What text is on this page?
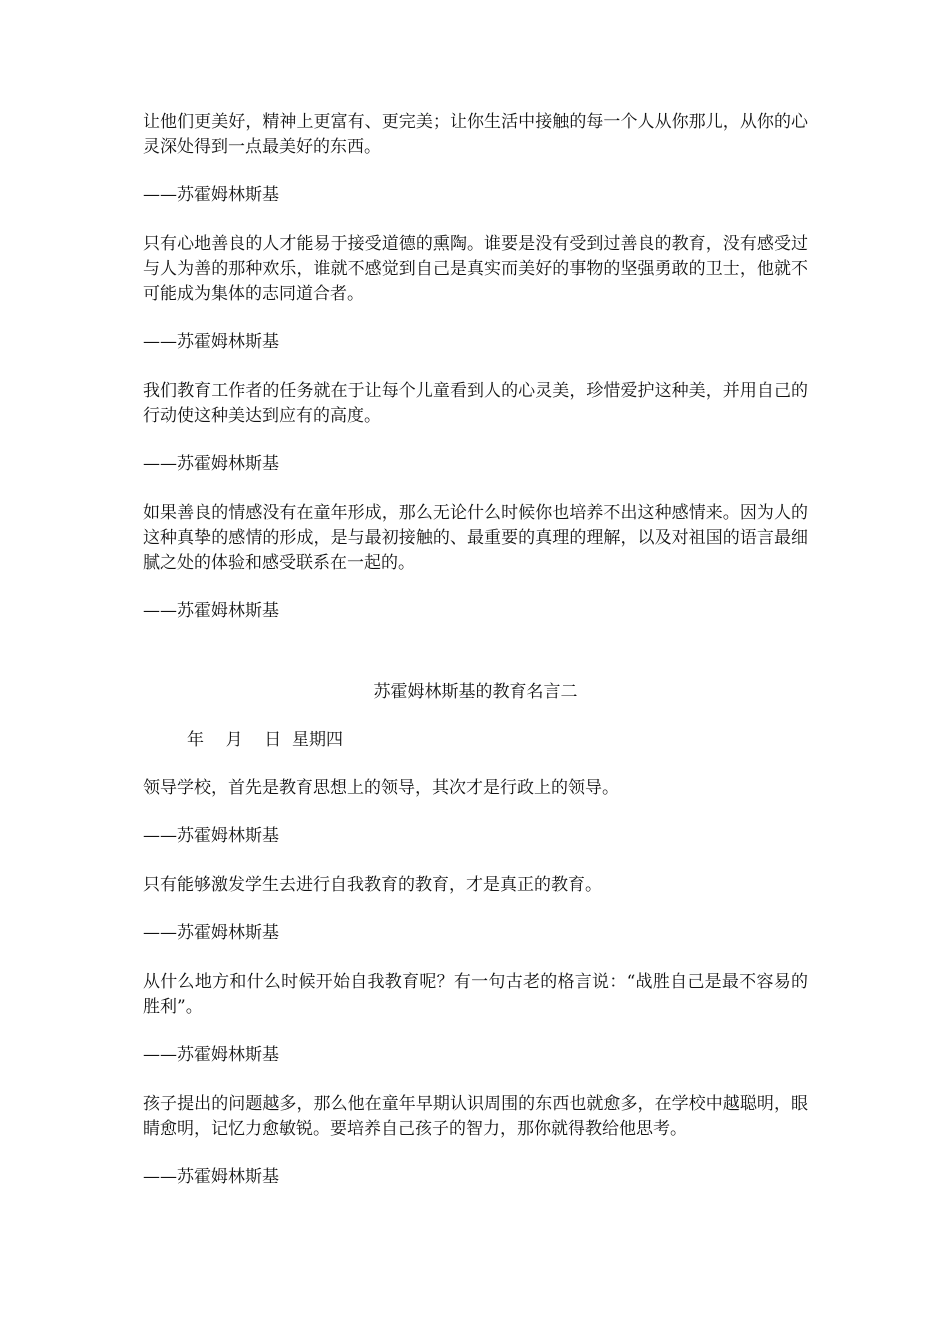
让他们更美好，精神上更富有、更完美；让你生活中接触的每一个人从你那儿，从你的心灵深处得到一点最美好的东西。

——苏霍姆林斯基

只有心地善良的人才能易于接受道德的熏陶。谁要是没有受到过善良的教育，没有感受过与人为善的那种欢乐，谁就不感觉到自己是真实而美好的事物的坚强勇敢的卫士，他就不可能成为集体的志同道合者。

——苏霍姆林斯基

我们教育工作者的任务就在于让每个儿童看到人的心灵美，珍惜爱护这种美，并用自己的行动使这种美达到应有的高度。

——苏霍姆林斯基

如果善良的情感没有在童年形成，那么无论什么时候你也培养不出这种感情来。因为人的这种真挚的感情的形成，是与最初接触的、最重要的真理的理解，以及对祖国的语言最细腻之处的体验和感受联系在一起的。

——苏霍姆林斯基

苏霍姆林斯基的教育名言二

年    月    日  星期四

领导学校，首先是教育思想上的领导，其次才是行政上的领导。

——苏霍姆林斯基

只有能够激发学生去进行自我教育的教育，才是真正的教育。

——苏霍姆林斯基

从什么地方和什么时候开始自我教育呢？有一句古老的格言说：“战胜自己是最不容易的胜利”。

——苏霍姆林斯基

孩子提出的问题越多，那么他在童年早期认识周围的东西也就愈多，在学校中越聪明，眼睛愈明，记忆力愈敏锐。要培养自己孩子的智力，那你就得教给他思考。

——苏霍姆林斯基
